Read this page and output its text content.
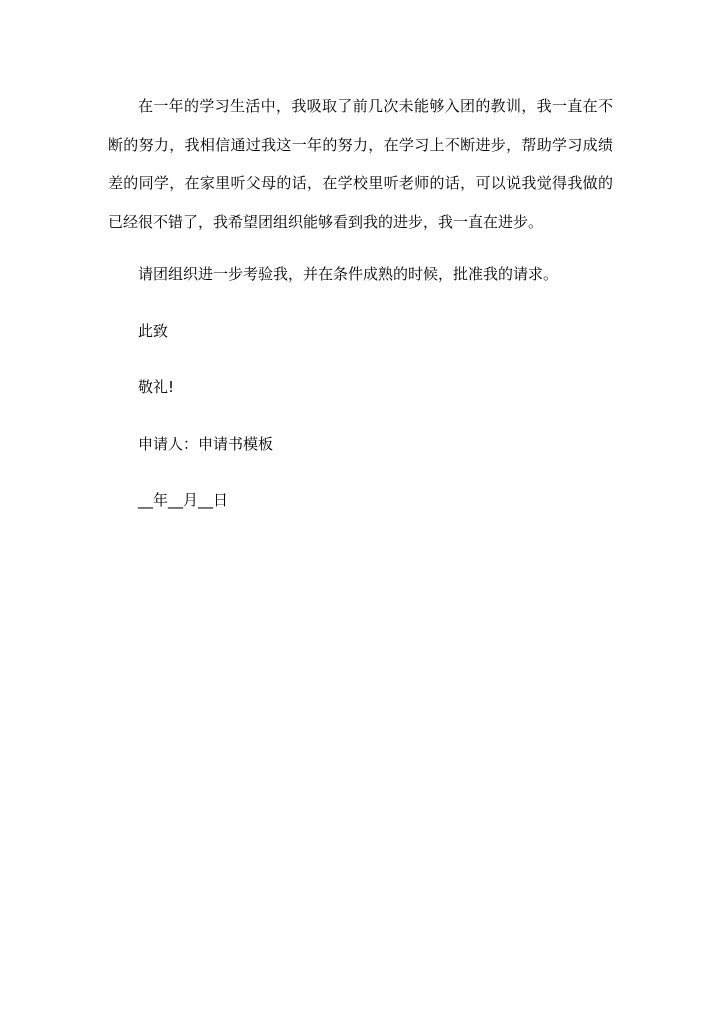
在一年的学习生活中，我吸取了前几次未能够入团的教训，我一直在不断的努力，我相信通过我这一年的努力，在学习上不断进步，帮助学习成绩差的同学，在家里听父母的话，在学校里听老师的话，可以说我觉得我做的已经很不错了，我希望团组织能够看到我的进步，我一直在进步。

请团组织进一步考验我，并在条件成熟的时候，批准我的请求。

此致

敬礼!

申请人：申请书模板

__年__月__日
